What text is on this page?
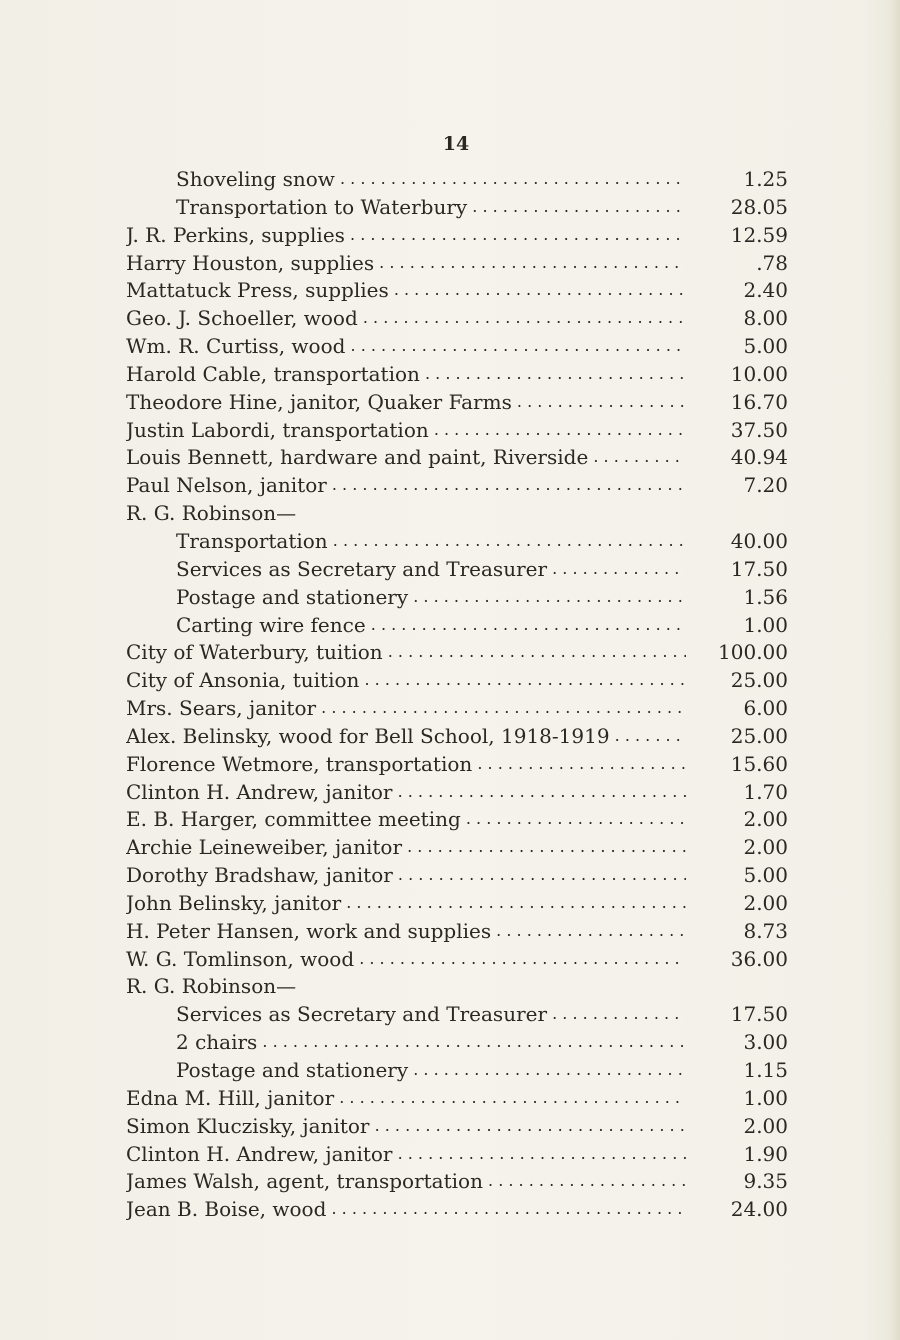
14
Shoveling snow . . .	1.25
Transportation to Waterbury . . .	28.05
J. R. Perkins, supplies . . .	12.59
Harry Houston, supplies . . .	.78
Mattatuck Press, supplies . . .	2.40
Geo. J. Schoeller, wood . . .	8.00
Wm. R. Curtiss, wood . . .	5.00
Harold Cable, transportation . . .	10.00
Theodore Hine, janitor, Quaker Farms . . .	16.70
Justin Labordi, transportation . . .	37.50
Louis Bennett, hardware and paint, Riverside . . .	40.94
Paul Nelson, janitor . . .	7.20
R. G. Robinson—
Transportation . . .	40.00
Services as Secretary and Treasurer . . .	17.50
Postage and stationery . . .	1.56
Carting wire fence . . .	1.00
City of Waterbury, tuition . . .	100.00
City of Ansonia, tuition . . .	25.00
Mrs. Sears, janitor . . .	6.00
Alex. Belinsky, wood for Bell School, 1918-1919 . . .	25.00
Florence Wetmore, transportation . . .	15.60
Clinton H. Andrew, janitor . . .	1.70
E. B. Harger, committee meeting . . .	2.00
Archie Leineweiber, janitor . . .	2.00
Dorothy Bradshaw, janitor . . .	5.00
John Belinsky, janitor . . .	2.00
H. Peter Hansen, work and supplies . . .	8.73
W. G. Tomlinson, wood . . .	36.00
R. G. Robinson—
Services as Secretary and Treasurer . . .	17.50
2 chairs . . .	3.00
Postage and stationery . . .	1.15
Edna M. Hill, janitor . . .	1.00
Simon Kluczisky, janitor . . .	2.00
Clinton H. Andrew, janitor . . .	1.90
James Walsh, agent, transportation . . .	9.35
Jean B. Boise, wood . . .	24.00
